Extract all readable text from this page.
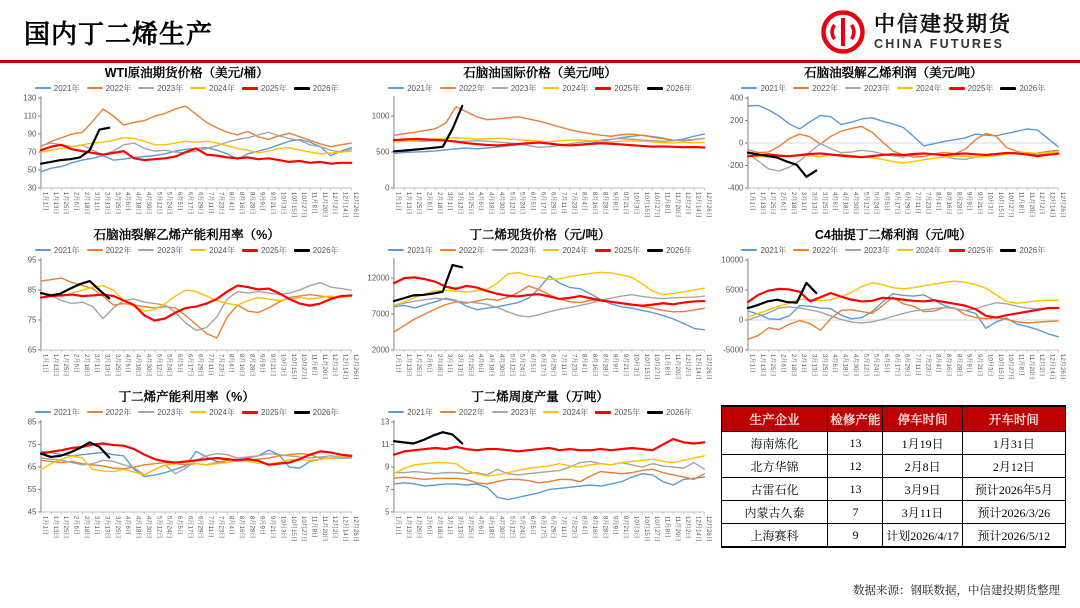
国内丁二烯生产	中信建投期货
CHINA FUTURES
WTI原油期货价格（美元/桶）
2021年	2022年	2023年	2024年	2025年	2026年
30
50
70
90
110
130
1月1日 1月13日 1月25日 2月6日 2月18日 3月1日 3月13日 3月25日 4月6日 4月18日 4月30日 5月12日 5月24日 6月5日 6月17日 6月29日 7月11日 7月23日 8月4日 8月16日 8月28日 9月9日 9月21日 10月3日 10月15日 10月27日 11月8日 11月20日 12月2日 12月14日 12月26日
石脑油国际价格（美元/吨）
2021年	2022年	2023年	2024年	2025年	2026年
0
500
1000
1月1日 1月13日 1月25日 2月6日 2月18日 3月1日 3月13日 3月25日 4月6日 4月18日 4月30日 5月12日 5月24日 6月5日 6月17日 6月29日 7月11日 7月23日 8月4日 8月16日 8月28日 9月9日 9月21日 10月3日 10月15日 10月27日 11月8日 11月20日 12月2日 12月14日 12月26日
石脑油裂解乙烯利润（美元/吨）
2021年	2022年	2023年	2024年	2025年	2026年
-400
-200
0
200
400
1月1日 1月13日 1月25日 2月6日 2月18日 3月1日 3月13日 3月25日 4月6日 4月18日 4月30日 5月12日 5月24日 6月5日 6月17日 6月29日 7月11日 7月23日 8月4日 8月16日 8月28日 9月9日 9月21日 10月3日 10月15日 10月27日 11月8日 11月20日 12月2日 12月14日 12月26日
石脑油裂解乙烯产能利用率（%）
2021年	2022年	2023年	2024年	2025年	2026年
65
75
85
95
1月1日 1月13日 1月25日 2月6日 2月18日 3月1日 3月13日 3月25日 4月6日 4月18日 4月30日 5月12日 5月24日 6月5日 6月17日 6月29日 7月11日 7月23日 8月4日 8月16日 8月28日 9月9日 9月21日 10月3日 10月15日 10月27日 11月8日 11月20日 12月2日 12月14日 12月26日
丁二烯现货价格（元/吨）
2021年	2022年	2023年	2024年	2025年	2026年
2000
7000
12000
1月1日 1月13日 1月25日 2月6日 2月18日 3月1日 3月13日 3月25日 4月6日 4月18日 4月30日 5月12日 5月24日 6月5日 6月17日 6月29日 7月11日 7月23日 8月4日 8月16日 8月28日 9月9日 9月21日 10月3日 10月15日 10月27日 11月8日 11月20日 12月2日 12月14日 12月26日
C4抽提丁二烯利润（元/吨）
2021年	2022年	2023年	2024年	2025年	2026年
-5000
0
5000
10000
1月1日 1月13日 1月25日 2月6日 2月18日 3月1日 3月13日 3月25日 4月6日 4月18日 4月30日 5月12日 5月24日 6月5日 6月17日 6月29日 7月11日 7月23日 8月4日 8月16日 8月28日 9月9日 9月21日 10月3日 10月15日 10月27日 11月8日 11月20日 12月2日 12月14日 12月26日
丁二烯产能利用率（%）
2021年	2022年	2023年	2024年	2025年	2026年
45
55
65
75
85
1月1日 1月13日 1月25日 2月6日 2月18日 3月1日 3月13日 3月25日 4月6日 4月18日 4月30日 5月12日 5月24日 6月5日 6月17日 6月29日 7月11日 7月23日 8月4日 8月16日 8月28日 9月9日 9月21日 10月3日 10月15日 10月27日 11月8日 11月20日 12月2日 12月14日 12月26日
丁二烯周度产量（万吨）
2021年	2022年	2023年	2024年	2025年	2026年
5
7
9
11
13
1月1日 1月13日 1月25日 2月6日 2月18日 3月1日 3月13日 3月25日 4月6日 4月18日 4月30日 5月12日 5月24日 6月5日 6月17日 6月29日 7月11日 7月23日 8月4日 8月16日 8月28日 9月9日 9月21日 10月3日 10月15日 10月27日 11月8日 11月20日 12月2日 12月14日 12月26日
生产企业	检修产能	停车时间	开车时间
海南炼化	13	1月19日	1月31日
北方华锦	12	2月8日	2月12日
古雷石化	13	3月9日	预计2026年5月
内蒙古久泰	7	3月11日	预计2026/3/26
上海赛科	9	计划2026/4/17	预计2026/5/12
数据来源：钢联数据，中信建投期货整理
